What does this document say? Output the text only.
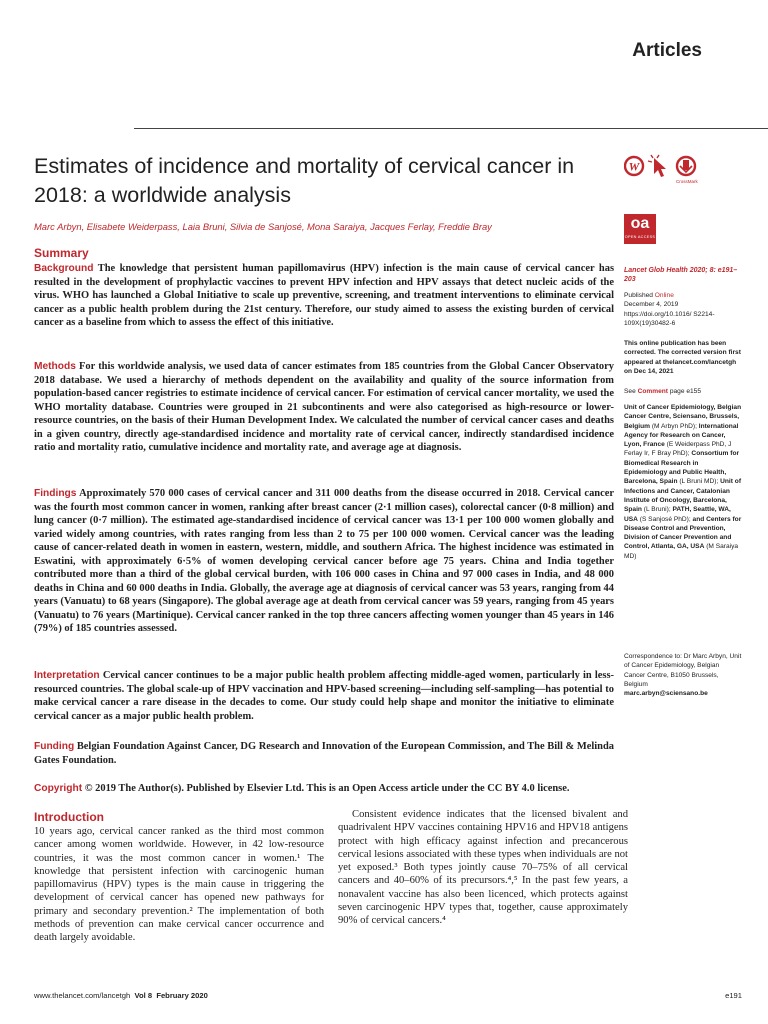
Articles
Estimates of incidence and mortality of cervical cancer in 2018: a worldwide analysis
Marc Arbyn, Elisabete Weiderpass, Laia Bruni, Silvia de Sanjosé, Mona Saraiya, Jacques Ferlay, Freddie Bray
W
CrossMark
oa
OPEN ACCESS
Summary

Background The knowledge that persistent human papillomavirus (HPV) infection is the main cause of cervical cancer has resulted in the development of prophylactic vaccines to prevent HPV infection and HPV assays that detect nucleic acids of the virus. WHO has launched a Global Initiative to scale up preventive, screening, and treatment interventions to eliminate cervical cancer as a public health problem during the 21st century. Therefore, our study aimed to assess the existing burden of cervical cancer as a baseline from which to assess the effect of this initiative.

Methods For this worldwide analysis, we used data of cancer estimates from 185 countries from the Global Cancer Observatory 2018 database. We used a hierarchy of methods dependent on the availability and quality of the source information from population-based cancer registries to estimate incidence of cervical cancer. For estimation of cervical cancer mortality, we used the WHO mortality database. Countries were grouped in 21 subcontinents and were also categorised as high-resource or lower-resource countries, on the basis of their Human Development Index. We calculated the number of cervical cancer cases and deaths in a given country, directly age-standardised incidence and mortality rate of cervical cancer, indirectly standardised incidence ratio and mortality ratio, cumulative incidence and mortality rate, and average age at diagnosis.

Findings Approximately 570 000 cases of cervical cancer and 311 000 deaths from the disease occurred in 2018. Cervical cancer was the fourth most common cancer in women, ranking after breast cancer (2·1 million cases), colorectal cancer (0·8 million) and lung cancer (0·7 million). The estimated age-standardised incidence of cervical cancer was 13·1 per 100 000 women globally and varied widely among countries, with rates ranging from less than 2 to 75 per 100 000 women. Cervical cancer was the leading cause of cancer-related death in women in eastern, western, middle, and southern Africa. The highest incidence was estimated in Eswatini, with approximately 6·5% of women developing cervical cancer before age 75 years. China and India together contributed more than a third of the global cervical burden, with 106 000 cases in China and 97 000 cases in India, and 48 000 deaths in China and 60 000 deaths in India. Globally, the average age at diagnosis of cervical cancer was 53 years, ranging from 44 years (Vanuatu) to 68 years (Singapore). The global average age at death from cervical cancer was 59 years, ranging from 45 years (Vanuatu) to 76 years (Martinique). Cervical cancer ranked in the top three cancers affecting women younger than 45 years in 146 (79%) of 185 countries assessed.

Interpretation Cervical cancer continues to be a major public health problem affecting middle-aged women, particularly in less-resourced countries. The global scale-up of HPV vaccination and HPV-based screening—including self-sampling—has potential to make cervical cancer a rare disease in the decades to come. Our study could help shape and monitor the initiative to eliminate cervical cancer as a major public health problem.

Funding Belgian Foundation Against Cancer, DG Research and Innovation of the European Commission, and The Bill & Melinda Gates Foundation.

Copyright © 2019 The Author(s). Published by Elsevier Ltd. This is an Open Access article under the CC BY 4.0 license.

Introduction

10 years ago, cervical cancer ranked as the third most common cancer among women worldwide. However, in 42 low-resource countries, it was the most common cancer in women.¹ The knowledge that persistent infection with carcinogenic human papillomavirus (HPV) types is the main cause in triggering the development of cervical cancer has opened new pathways for primary and secondary prevention.² The implementation of both methods of prevention can make cervical cancer occurrence and death largely avoidable.

Consistent evidence indicates that the licensed bivalent and quadrivalent HPV vaccines containing HPV16 and HPV18 antigens protect with high efficacy against infection and precancerous cervical lesions associated with these types when individuals are not yet exposed.³ Both types jointly cause 70–75% of all cervical cancers and 40–60% of its precursors.⁴,⁵ In the past few years, a nonavalent vaccine has also been licenced, which protects against seven carcinogenic HPV types that, together, cause approximately 90% of cervical cancers.⁴

Lancet Glob Health 2020; 8: e191–203
Published Online
December 4, 2019
https://doi.org/10.1016/ S2214-109X(19)30482-6
This online publication has been corrected. The corrected version first appeared at thelancet.com/lancetgh on Dec 14, 2021
See Comment page e155
Unit of Cancer Epidemiology, Belgian Cancer Centre, Sciensano, Brussels, Belgium (M Arbyn PhD); International Agency for Research on Cancer, Lyon, France (E Weiderpass PhD, J Ferlay Ir, F Bray PhD); Consortium for Biomedical Research in Epidemiology and Public Health, Barcelona, Spain (L Bruni MD); Unit of Infections and Cancer, Catalonian Institute of Oncology, Barcelona, Spain (L Bruni); PATH, Seattle, WA, USA (S Sanjosé PhD); and Centers for Disease Control and Prevention, Division of Cancer Prevention and Control, Atlanta, GA, USA (M Saraiya MD)
Correspondence to: Dr Marc Arbyn, Unit of Cancer Epidemiology, Belgian Cancer Centre, B1050 Brussels, Belgium
marc.arbyn@sciensano.be
www.thelancet.com/lancetgh Vol 8 February 2020	e191
